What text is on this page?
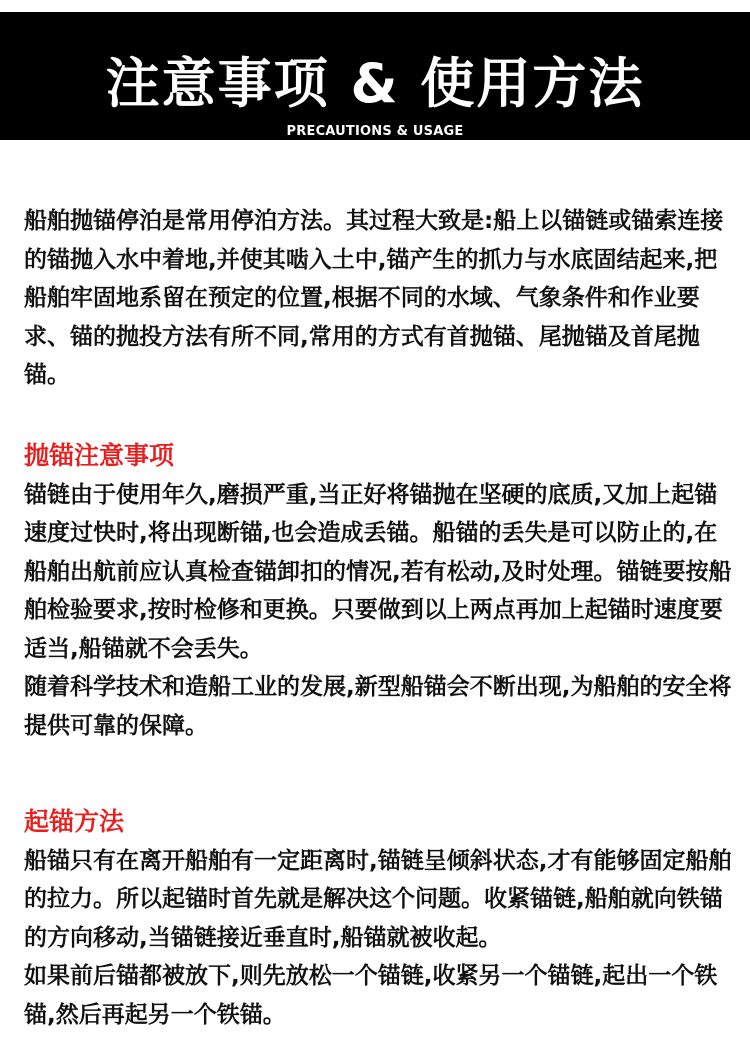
注意事项 & 使用方法
PRECAUTIONS & USAGE

船舶抛锚停泊是常用停泊方法。其过程大致是:船上以锚链或锚索连接的锚抛入水中着地,并使其啮入土中,锚产生的抓力与水底固结起来,把船舶牢固地系留在预定的位置,根据不同的水域、气象条件和作业要求、锚的抛投方法有所不同,常用的方式有首抛锚、尾抛锚及首尾抛锚。

抛锚注意事项

锚链由于使用年久,磨损严重,当正好将锚抛在坚硬的底质,又加上起锚速度过快时,将出现断锚,也会造成丢锚。船锚的丢失是可以防止的,在船舶出航前应认真检查锚卸扣的情况,若有松动,及时处理。锚链要按船舶检验要求,按时检修和更换。只要做到以上两点再加上起锚时速度要适当,船锚就不会丢失。

随着科学技术和造船工业的发展,新型船锚会不断出现,为船舶的安全将提供可靠的保障。

起锚方法

船锚只有在离开船舶有一定距离时,锚链呈倾斜状态,才有能够固定船舶的拉力。所以起锚时首先就是解决这个问题。收紧锚链,船舶就向铁锚的方向移动,当锚链接近垂直时,船锚就被收起。

如果前后锚都被放下,则先放松一个锚链,收紧另一个锚链,起出一个铁锚,然后再起另一个铁锚。
